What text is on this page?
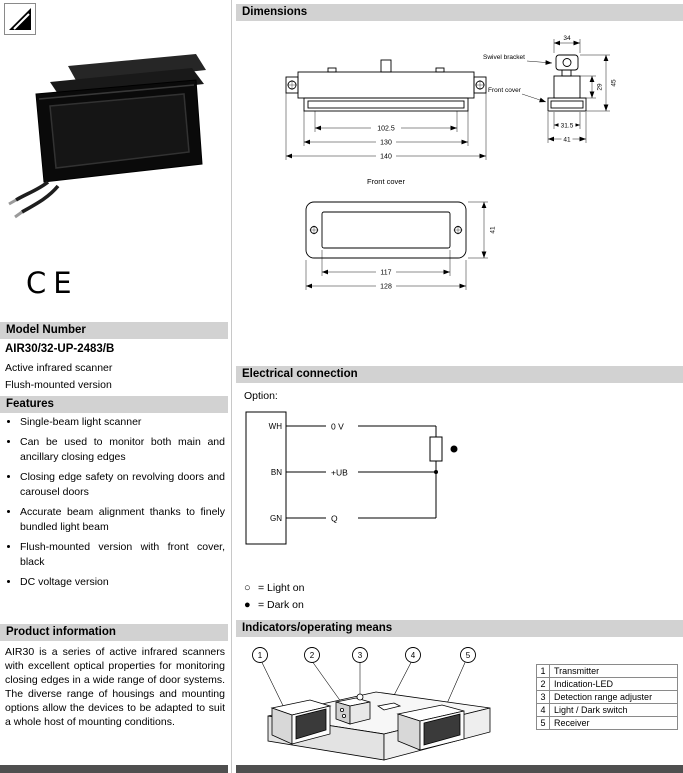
CE
Model Number
AIR30/32-UP-2483/B
Active infrared scanner
Flush-mounted version
Features
• Single-beam light scanner
• Can be used to monitor both main and ancillary closing edges
• Closing edge safety on revolving doors and carousel doors
• Accurate beam alignment thanks to finely bundled light beam
• Flush-mounted version with front cover, black
• DC voltage version
Product information

AIR30 is a series of active infrared scanners with excellent optical properties for monitoring closing edges in a wide range of door systems. The diverse range of housings and mounting options allow the devices to be adapted to suit a whole host of mounting conditions.

Dimensions
102.5
130
140
34
31.5
41
29
45
Swivel bracket
Front cover
Front cover
117
128
41
Electrical connection
Option:
WH
BN
GN
0 V
+UB
Q
○ = Light on
● = Dark on
Indicators/operating means
1	2	3	4	5
1	Transmitter
2	Indication-LED
3	Detection range adjuster
4	Light / Dark switch
5	Receiver
